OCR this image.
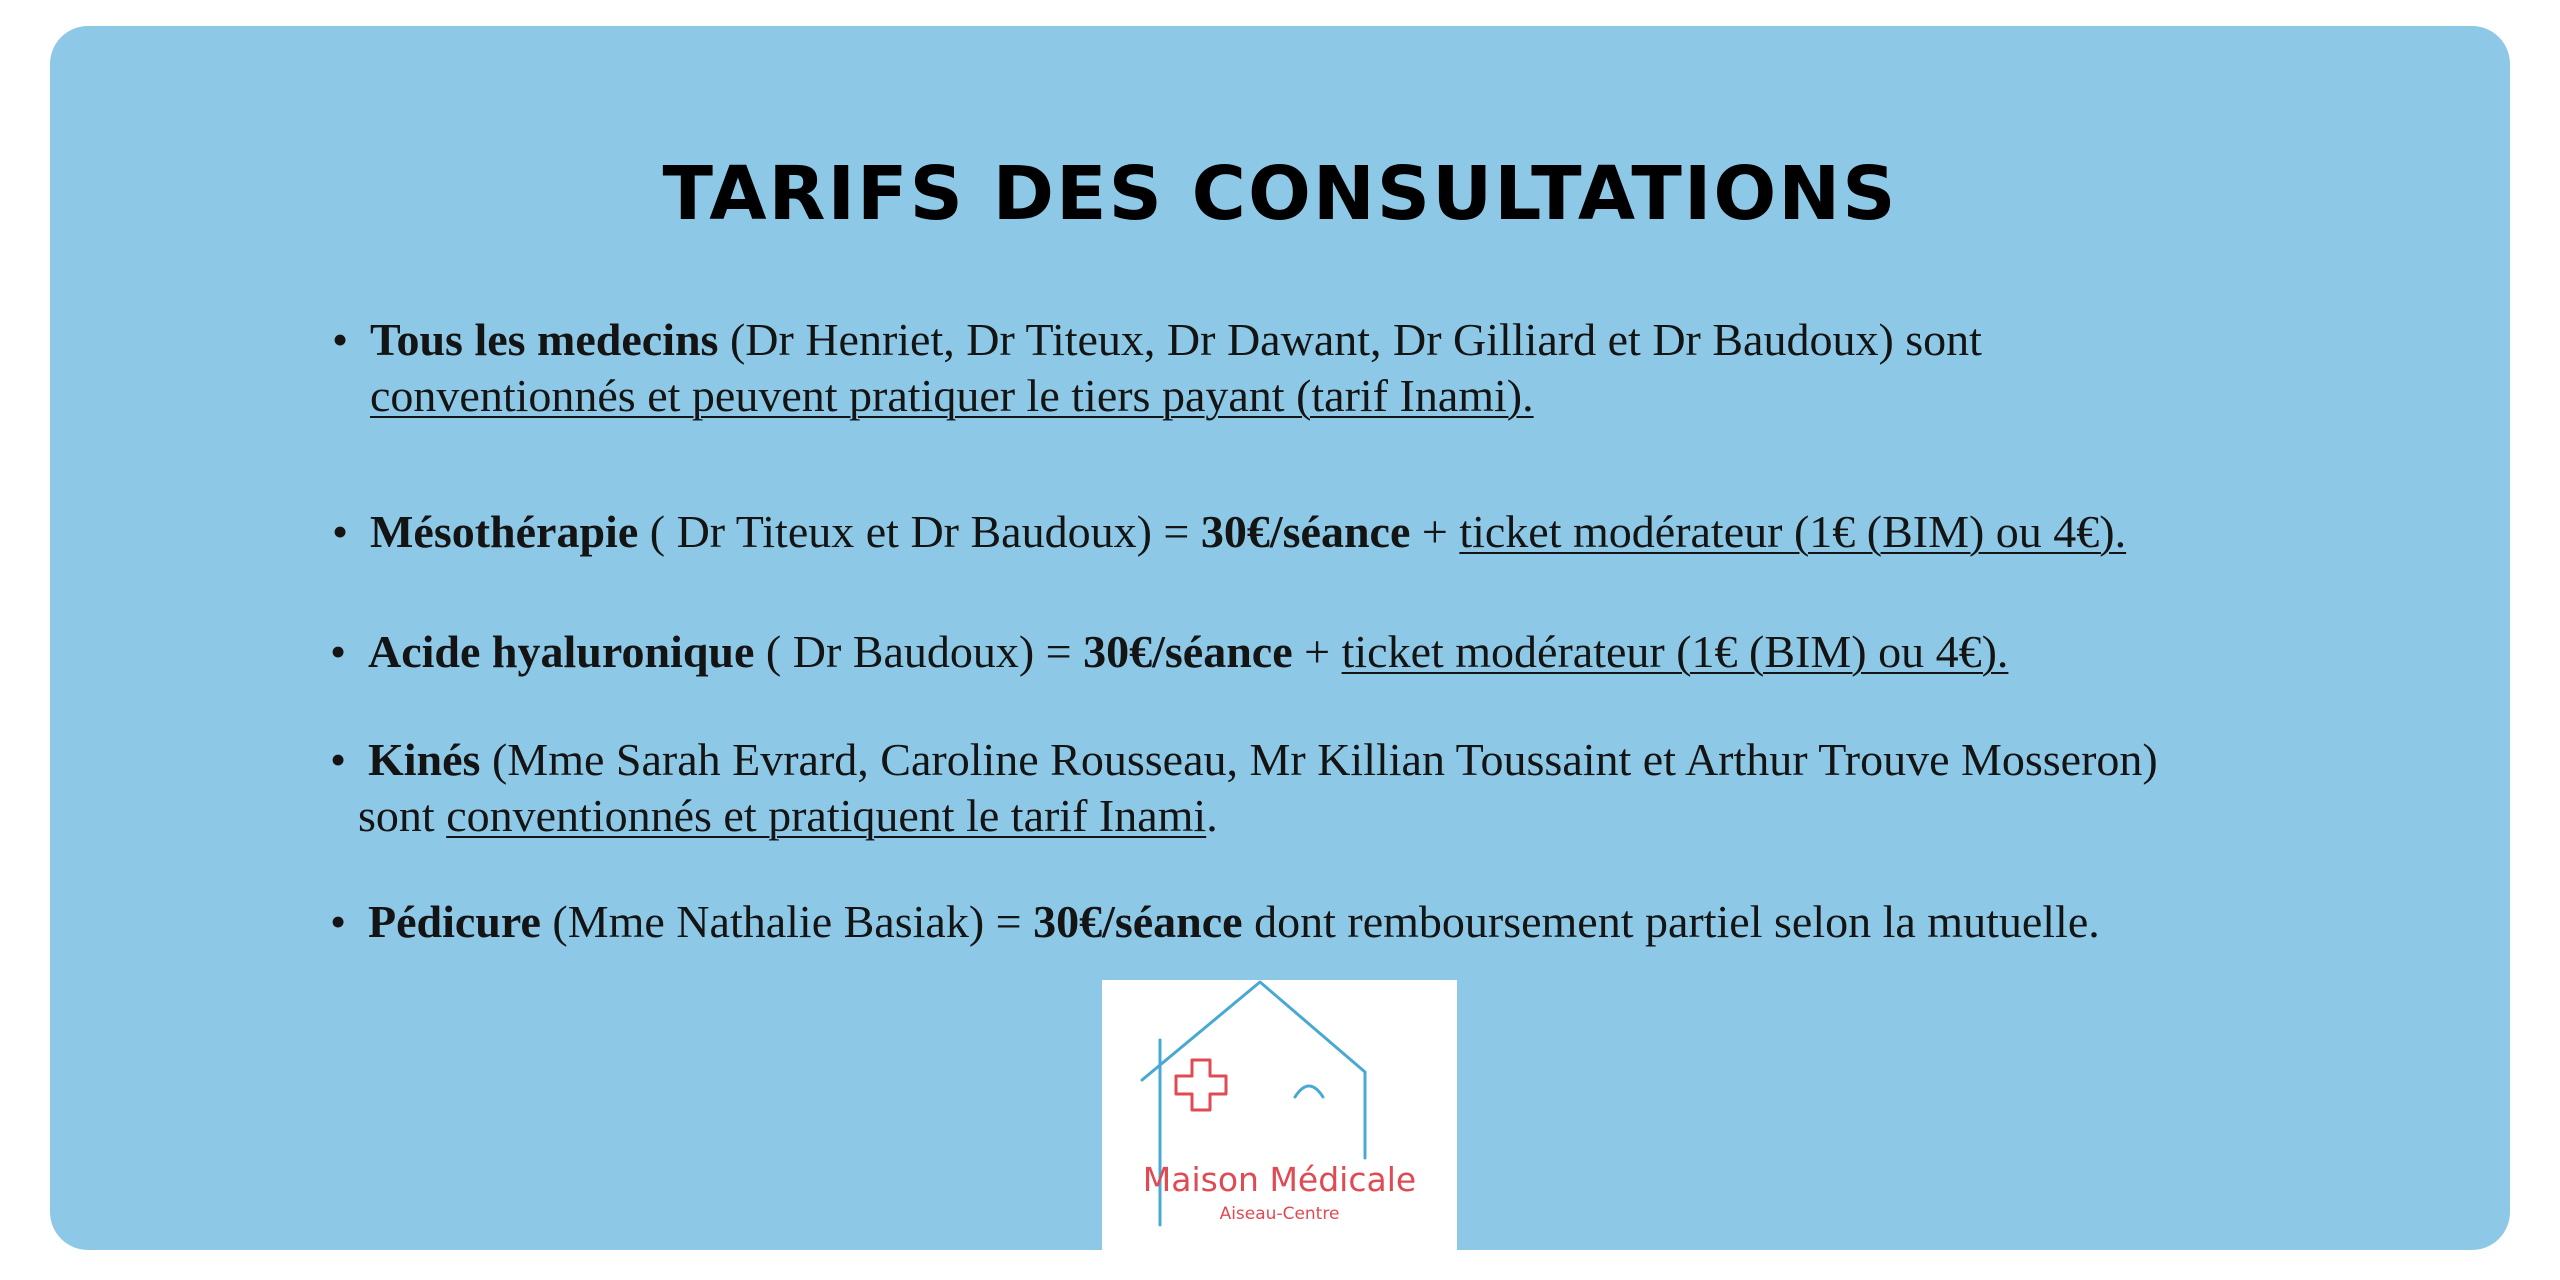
TARIFS DES CONSULTATIONS
• Tous les medecins (Dr Henriet, Dr Titeux, Dr Dawant, Dr Gilliard et Dr Baudoux) sont
conventionnés et peuvent pratiquer le tiers payant (tarif Inami).
• Mésothérapie ( Dr Titeux et Dr Baudoux) = 30€/séance + ticket modérateur (1€ (BIM) ou 4€).
• Acide hyaluronique ( Dr Baudoux) = 30€/séance + ticket modérateur (1€ (BIM) ou 4€).
• Kinés (Mme Sarah Evrard, Caroline Rousseau, Mr Killian Toussaint et Arthur Trouve Mosseron)
sont conventionnés et pratiquent le tarif Inami.
• Pédicure (Mme Nathalie Basiak) = 30€/séance dont remboursement partiel selon la mutuelle.
Maison Médicale
Aiseau-Centre
